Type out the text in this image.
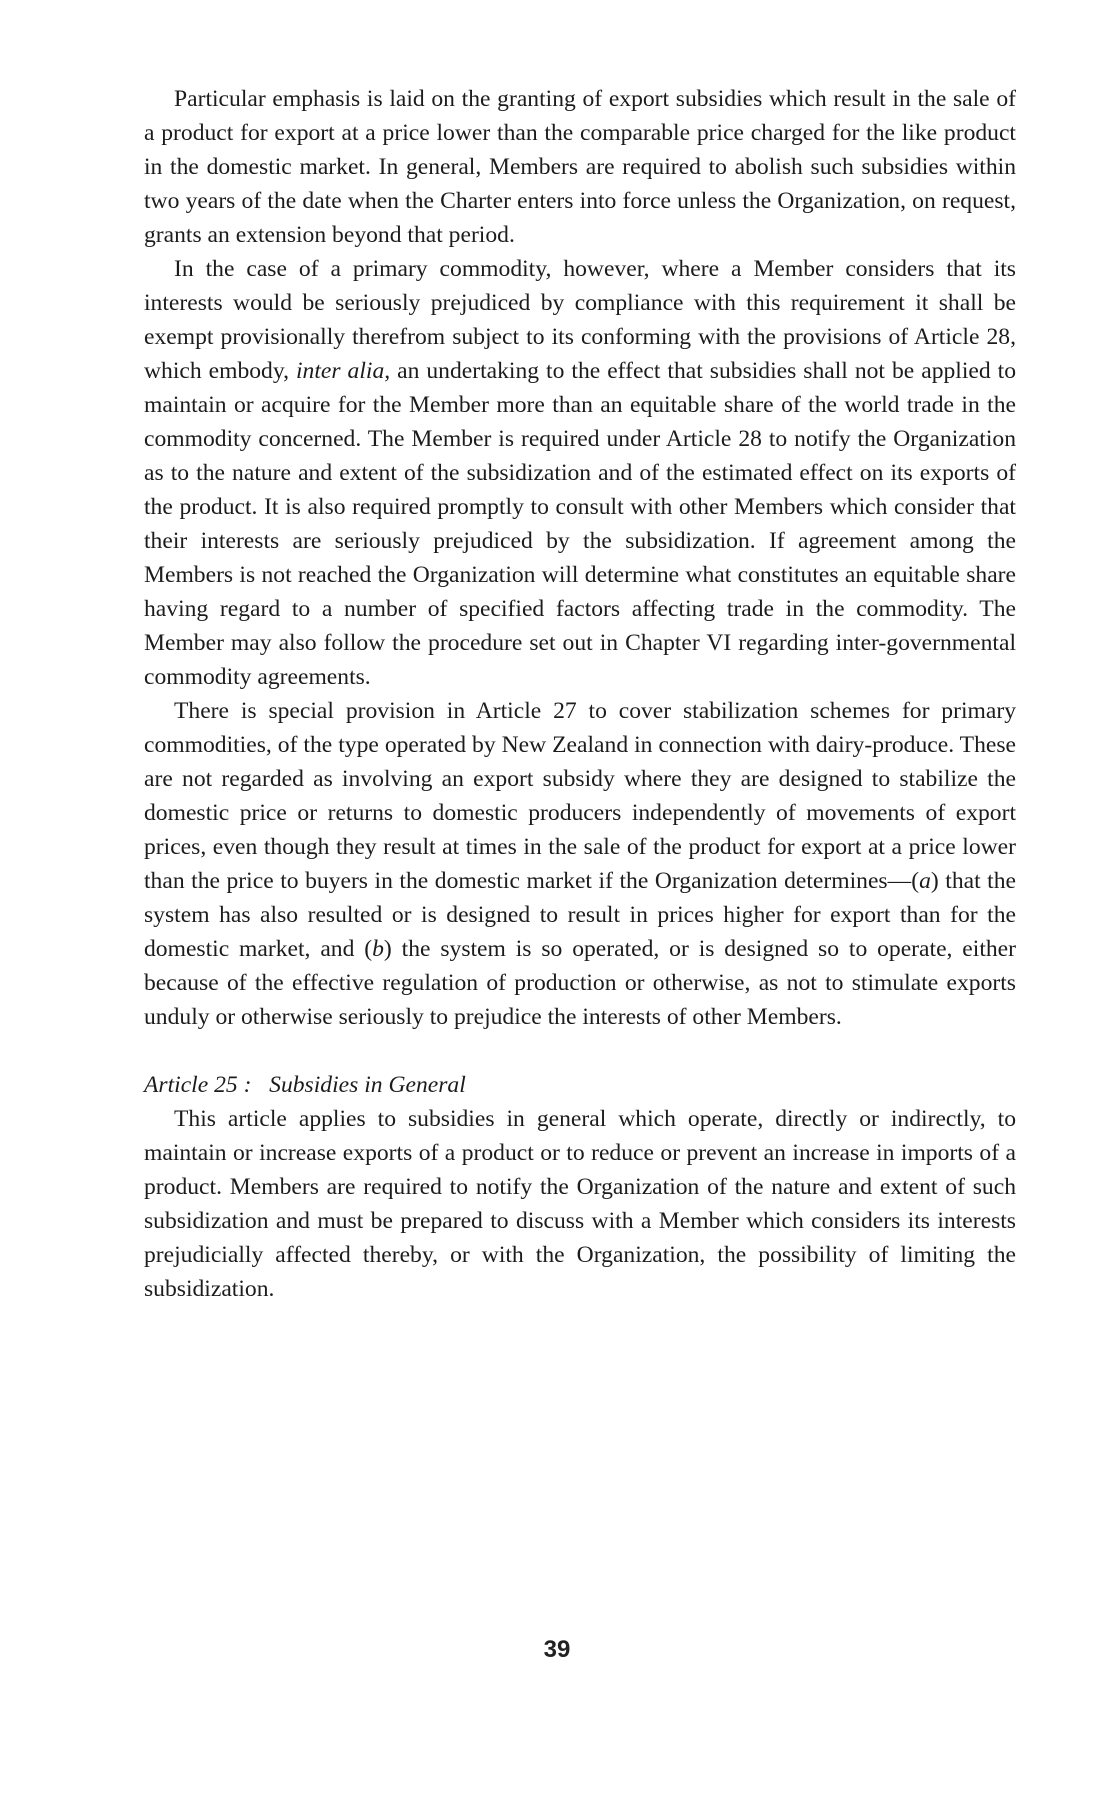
Particular emphasis is laid on the granting of export subsidies which result in the sale of a product for export at a price lower than the comparable price charged for the like product in the domestic market. In general, Members are required to abolish such subsidies within two years of the date when the Charter enters into force unless the Organization, on request, grants an extension beyond that period.

In the case of a primary commodity, however, where a Member considers that its interests would be seriously prejudiced by compliance with this requirement it shall be exempt provisionally therefrom subject to its conforming with the provisions of Article 28, which embody, inter alia, an undertaking to the effect that subsidies shall not be applied to maintain or acquire for the Member more than an equitable share of the world trade in the commodity concerned. The Member is required under Article 28 to notify the Organization as to the nature and extent of the subsidization and of the estimated effect on its exports of the product. It is also required promptly to consult with other Members which consider that their interests are seriously prejudiced by the subsidization. If agreement among the Members is not reached the Organization will determine what constitutes an equitable share having regard to a number of specified factors affecting trade in the commodity. The Member may also follow the procedure set out in Chapter VI regarding inter-governmental commodity agreements.

There is special provision in Article 27 to cover stabilization schemes for primary commodities, of the type operated by New Zealand in connection with dairy-produce. These are not regarded as involving an export subsidy where they are designed to stabilize the domestic price or returns to domestic producers independently of movements of export prices, even though they result at times in the sale of the product for export at a price lower than the price to buyers in the domestic market if the Organization determines—(a) that the system has also resulted or is designed to result in prices higher for export than for the domestic market, and (b) the system is so operated, or is designed so to operate, either because of the effective regulation of production or otherwise, as not to stimulate exports unduly or otherwise seriously to prejudice the interests of other Members.

Article 25 : Subsidies in General

This article applies to subsidies in general which operate, directly or indirectly, to maintain or increase exports of a product or to reduce or prevent an increase in imports of a product. Members are required to notify the Organization of the nature and extent of such subsidization and must be prepared to discuss with a Member which considers its interests prejudicially affected thereby, or with the Organization, the possibility of limiting the subsidization.

39
